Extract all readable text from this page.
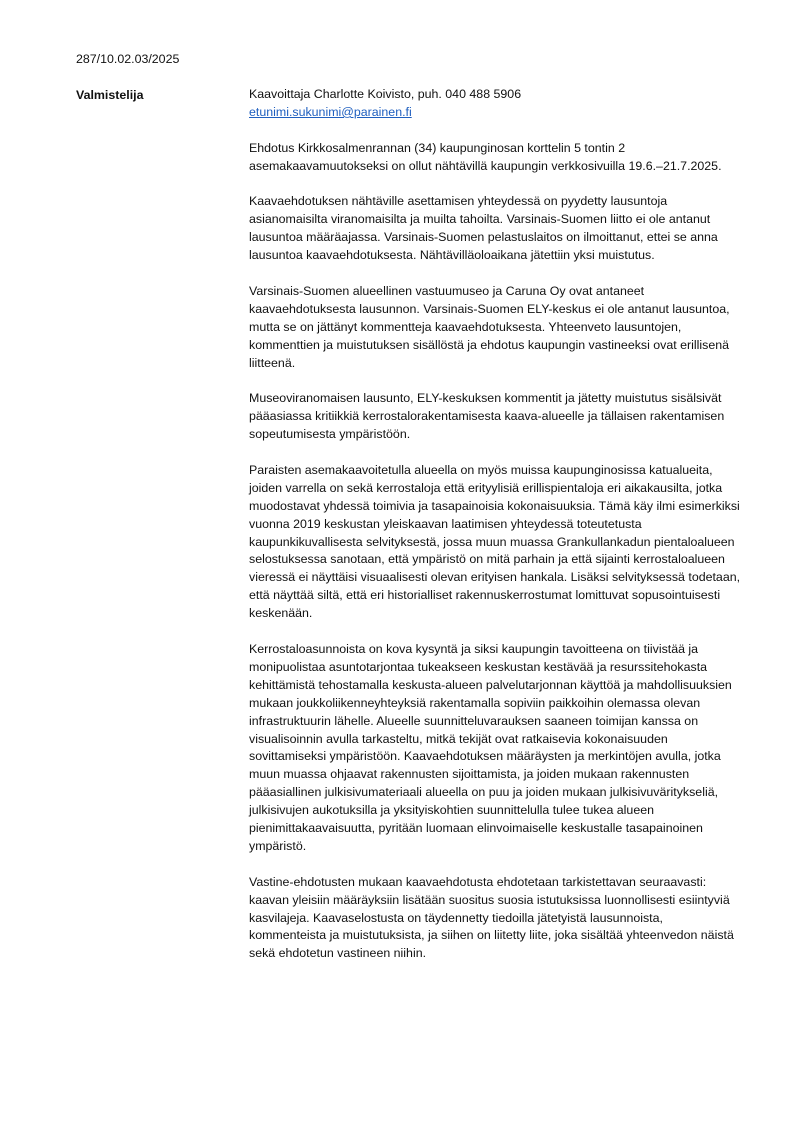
287/10.02.03/2025

Valmistelija	Kaavoittaja Charlotte Koivisto, puh. 040 488 5906

etunimi.sukunimi@parainen.fi

Ehdotus Kirkkosalmenrannan (34) kaupunginosan korttelin 5 tontin 2 asemakaavamuutokseksi on ollut nähtävillä kaupungin verkkosivuilla 19.6.–21.7.2025.

Kaavaehdotuksen nähtäville asettamisen yhteydessä on pyydetty lausuntoja asianomaisilta viranomaisilta ja muilta tahoilta. Varsinais-Suomen liitto ei ole antanut lausuntoa määräajassa. Varsinais-Suomen pelastuslaitos on ilmoittanut, ettei se anna lausuntoa kaavaehdotuksesta. Nähtävilläoloaikana jätettiin yksi muistutus.

Varsinais-Suomen alueellinen vastuumuseo ja Caruna Oy ovat antaneet kaavaehdotuksesta lausunnon. Varsinais-Suomen ELY-keskus ei ole antanut lausuntoa, mutta se on jättänyt kommentteja kaavaehdotuksesta. Yhteenveto lausuntojen, kommenttien ja muistutuksen sisällöstä ja ehdotus kaupungin vastineeksi ovat erillisenä liitteenä.

Museoviranomaisen lausunto, ELY-keskuksen kommentit ja jätetty muistutus sisälsivät pääasiassa kritiikkiä kerrostalorakentamisesta kaava-alueelle ja tällaisen rakentamisen sopeutumisesta ympäristöön.

Paraisten asemakaavoitetulla alueella on myös muissa kaupunginosissa katualueita, joiden varrella on sekä kerrostaloja että erityylisiä erillispientaloja eri aikakausilta, jotka muodostavat yhdessä toimivia ja tasapainoisia kokonaisuuksia. Tämä käy ilmi esimerkiksi vuonna 2019 keskustan yleiskaavan laatimisen yhteydessä toteutetusta kaupunkikuvallisesta selvityksestä, jossa muun muassa Grankullankadun pientaloalueen selostuksessa sanotaan, että ympäristö on mitä parhain ja että sijainti kerrostaloalueen vieressä ei näyttäisi visuaalisesti olevan erityisen hankala. Lisäksi selvityksessä todetaan, että näyttää siltä, että eri historialliset rakennuskerrostumat lomittuvat sopusointuisesti keskenään.

Kerrostaloasunnoista on kova kysyntä ja siksi kaupungin tavoitteena on tiivistää ja monipuolistaa asuntotarjontaa tukeakseen keskustan kestävää ja resurssitehokasta kehittämistä tehostamalla keskusta-alueen palvelutarjonnan käyttöä ja mahdollisuuksien mukaan joukkoliikenneyhteyksiä rakentamalla sopiviin paikkoihin olemassa olevan infrastruktuurin lähelle. Alueelle suunnitteluvarauksen saaneen toimijan kanssa on visualisoinnin avulla tarkasteltu, mitkä tekijät ovat ratkaisevia kokonaisuuden sovittamiseksi ympäristöön. Kaavaehdotuksen määräysten ja merkintöjen avulla, jotka muun muassa ohjaavat rakennusten sijoittamista, ja joiden mukaan rakennusten pääasiallinen julkisivumateriaali alueella on puu ja joiden mukaan julkisivuväritykseliä, julkisivujen aukotuksilla ja yksityiskohtien suunnittelulla tulee tukea alueen pienimittakaavaisuutta, pyritään luomaan elinvoimaiselle keskustalle tasapainoinen ympäristö.

Vastine-ehdotusten mukaan kaavaehdotusta ehdotetaan tarkistettavan seuraavasti: kaavan yleisiin määräyksiin lisätään suositus suosia istutuksissa luonnollisesti esiintyviä kasvilajeja. Kaavaselostusta on täydennetty tiedoilla jätetyistä lausunnoista, kommenteista ja muistutuksista, ja siihen on liitetty liite, joka sisältää yhteenvedon näistä sekä ehdotetun vastineen niihin.
